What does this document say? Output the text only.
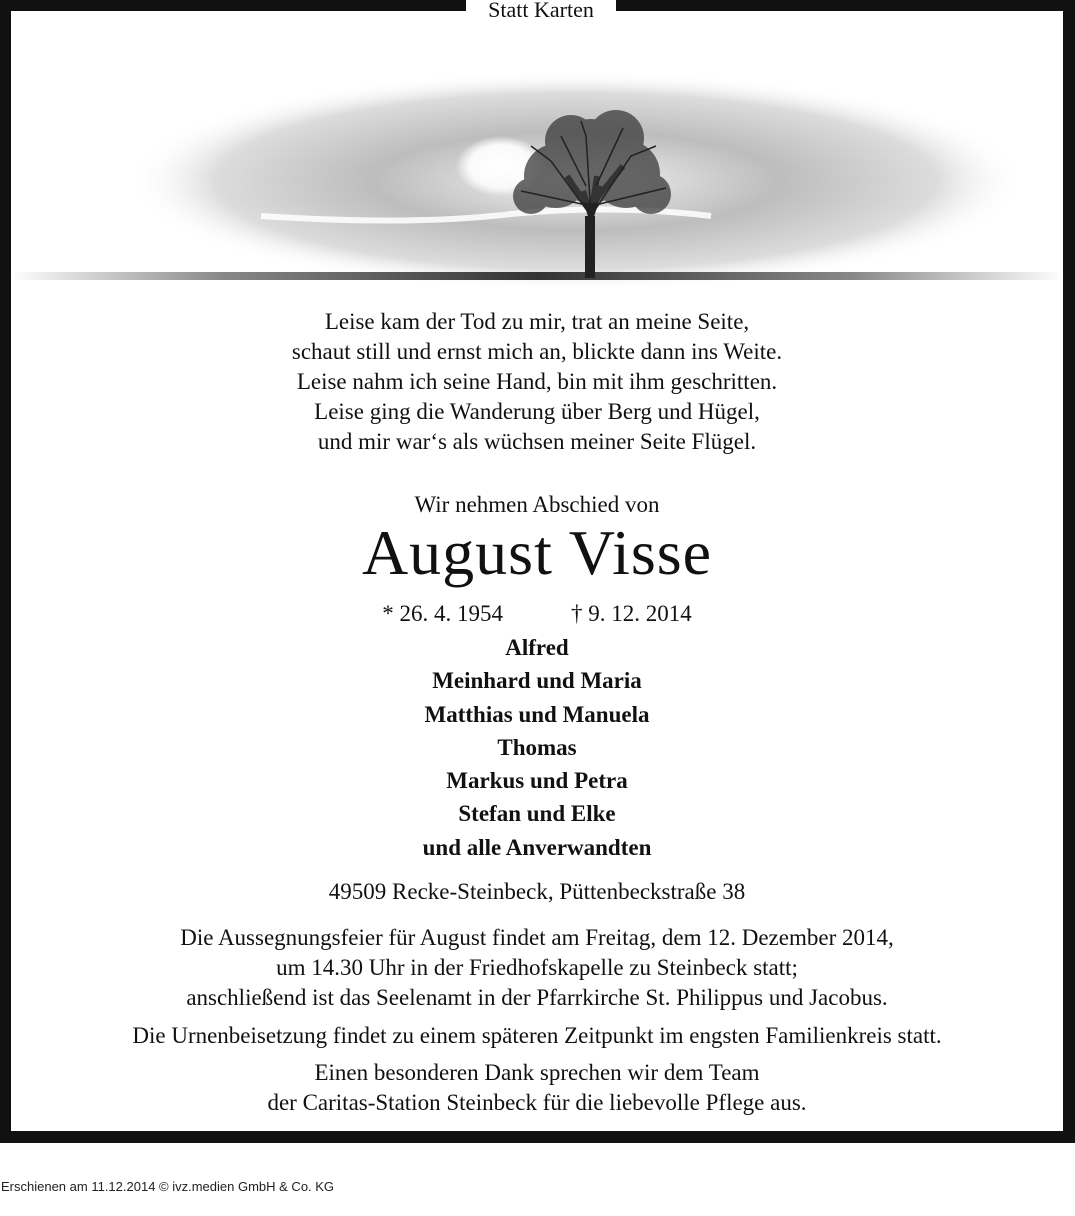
Leise kam der Tod zu mir, trat an meine Seite,
schaut still und ernst mich an, blickte dann ins Weite.
Leise nahm ich seine Hand, bin mit ihm geschritten.
Leise ging die Wanderung über Berg und Hügel,
und mir war‘s als wüchsen meiner Seite Flügel.
Wir nehmen Abschied von
August Visse
* 26. 4. 1954	† 9. 12. 2014
Alfred
Meinhard und Maria
Matthias und Manuela
Thomas
Markus und Petra
Stefan und Elke
und alle Anverwandten
49509 Recke-Steinbeck, Püttenbeckstraße 38
Die Aussegnungsfeier für August findet am Freitag, dem 12. Dezember 2014,
um 14.30 Uhr in der Friedhofskapelle zu Steinbeck statt;
anschließend ist das Seelenamt in der Pfarrkirche St. Philippus und Jacobus.
Die Urnenbeisetzung findet zu einem späteren Zeitpunkt im engsten Familienkreis statt.
Einen besonderen Dank sprechen wir dem Team
der Caritas-Station Steinbeck für die liebevolle Pflege aus.
Statt Karten
Erschienen am 11.12.2014 © ivz.medien GmbH & Co. KG
